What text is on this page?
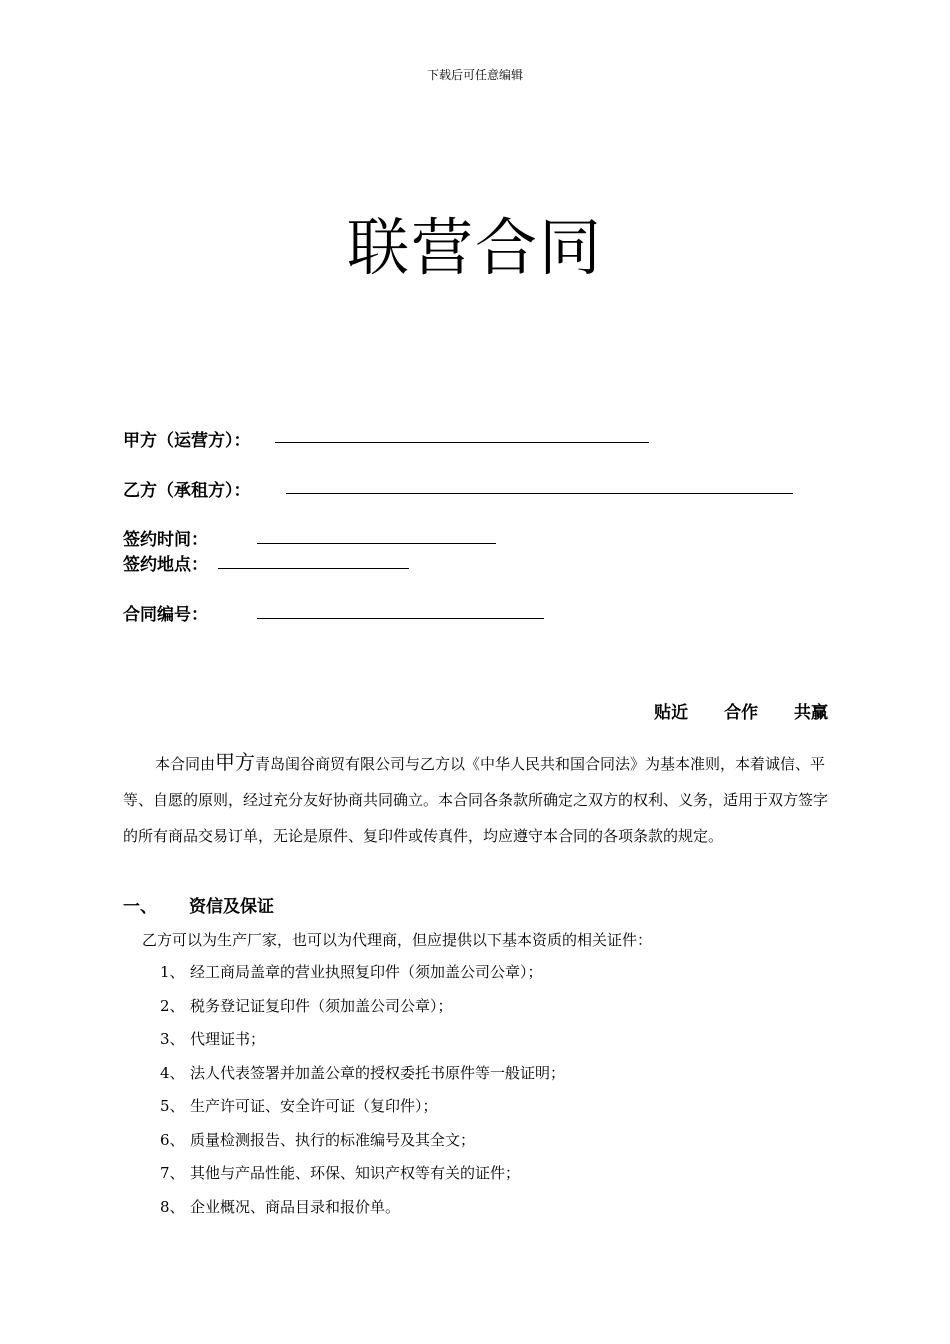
下载后可任意编辑
联营合同
甲方（运营方）：
乙方（承租方）：
签约时间：
签约地点：
合同编号：
贴近 合作 共赢
本合同由甲方青岛闺谷商贸有限公司与乙方以《中华人民共和国合同法》为基本准则，本着诚信、平等、自愿的原则，经过充分友好协商共同确立。本合同各条款所确定之双方的权利、义务，适用于双方签字的所有商品交易订单，无论是原件、复印件或传真件，均应遵守本合同的各项条款的规定。
一、 资信及保证
乙方可以为生产厂家，也可以为代理商，但应提供以下基本资质的相关证件：
1、 经工商局盖章的营业执照复印件（须加盖公司公章）；
2、 税务登记证复印件（须加盖公司公章）；
3、 代理证书；
4、 法人代表签署并加盖公章的授权委托书原件等一般证明；
5、 生产许可证、安全许可证（复印件）；
6、 质量检测报告、执行的标准编号及其全文；
7、 其他与产品性能、环保、知识产权等有关的证件；
8、 企业概况、商品目录和报价单。
